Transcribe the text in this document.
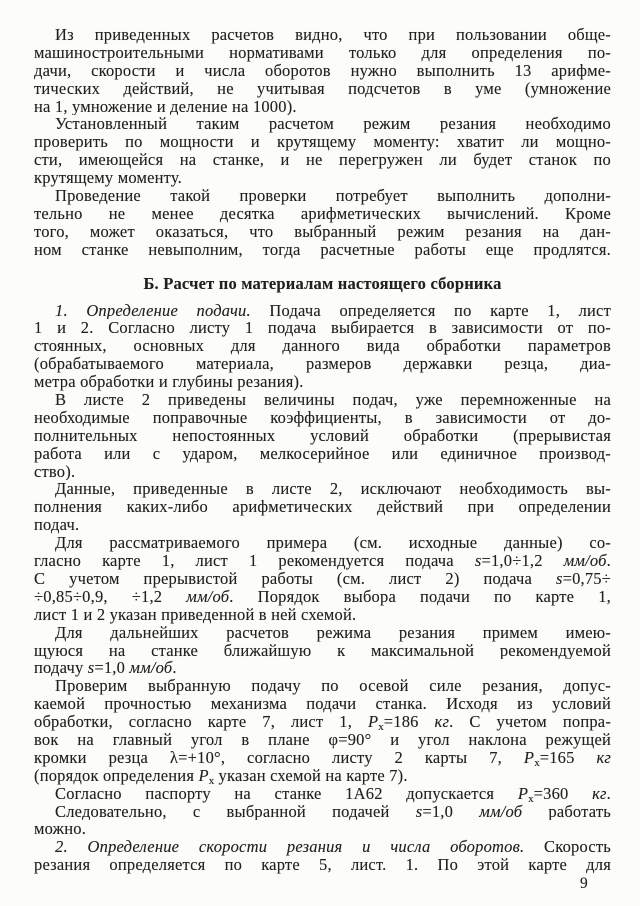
Из приведенных расчетов видно, что при пользовании обще-
машиностроительными нормативами только для определения по-
дачи, скорости и числа оборотов нужно выполнить 13 арифме-
тических действий, не учитывая подсчетов в уме (умножение
на 1, умножение и деление на 1000).
Установленный таким расчетом режим резания необходимо
проверить по мощности и крутящему моменту: хватит ли мощно-
сти, имеющейся на станке, и не перегружен ли будет станок по
крутящему моменту.
Проведение такой проверки потребует выполнить дополни-
тельно не менее десятка арифметических вычислений. Кроме
того, может оказаться, что выбранный режим резания на дан-
ном станке невыполним, тогда расчетные работы еще продлятся.
Б. Расчет по материалам настоящего сборника
1. Определение подачи. Подача определяется по карте 1, лист
1 и 2. Согласно листу 1 подача выбирается в зависимости от по-
стоянных, основных для данного вида обработки параметров
(обрабатываемого материала, размеров державки резца, диа-
метра обработки и глубины резания).
В листе 2 приведены величины подач, уже перемноженные на
необходимые поправочные коэффициенты, в зависимости от до-
полнительных непостоянных условий обработки (прерывистая
работа или с ударом, мелкосерийное или единичное производ-
ство).
Данные, приведенные в листе 2, исключают необходимость вы-
полнения каких-либо арифметических действий при определении
подач.
Для рассматриваемого примера (см. исходные данные) со-
гласно карте 1, лист 1 рекомендуется подача s=1,0÷1,2 мм/об.
С учетом прерывистой работы (см. лист 2) подача s=0,75÷
÷0,85÷0,9, ÷1,2 мм/об. Порядок выбора подачи по карте 1,
лист 1 и 2 указан приведенной в ней схемой.
Для дальнейших расчетов режима резания примем имею-
щуюся на станке ближайшую к максимальной рекомендуемой
подачу s=1,0 мм/об.
Проверим выбранную подачу по осевой силе резания, допус-
каемой прочностью механизма подачи станка. Исходя из условий
обработки, согласно карте 7, лист 1, $P_x=186$ кг. С учетом попра-
вок на главный угол в плане φ=90° и угол наклона режущей
кромки резца λ=+10°, согласно листу 2 карты 7, $P_x=165$ кг
(порядок определения $P_x$ указан схемой на карте 7).
Согласно паспорту на станке 1А62 допускается $P_x=360$ кг.
Следовательно, с выбранной подачей s=1,0 мм/об работать
можно.
2. Определение скорости резания и числа оборотов. Скорость
резания определяется по карте 5, лист. 1. По этой карте для
9
